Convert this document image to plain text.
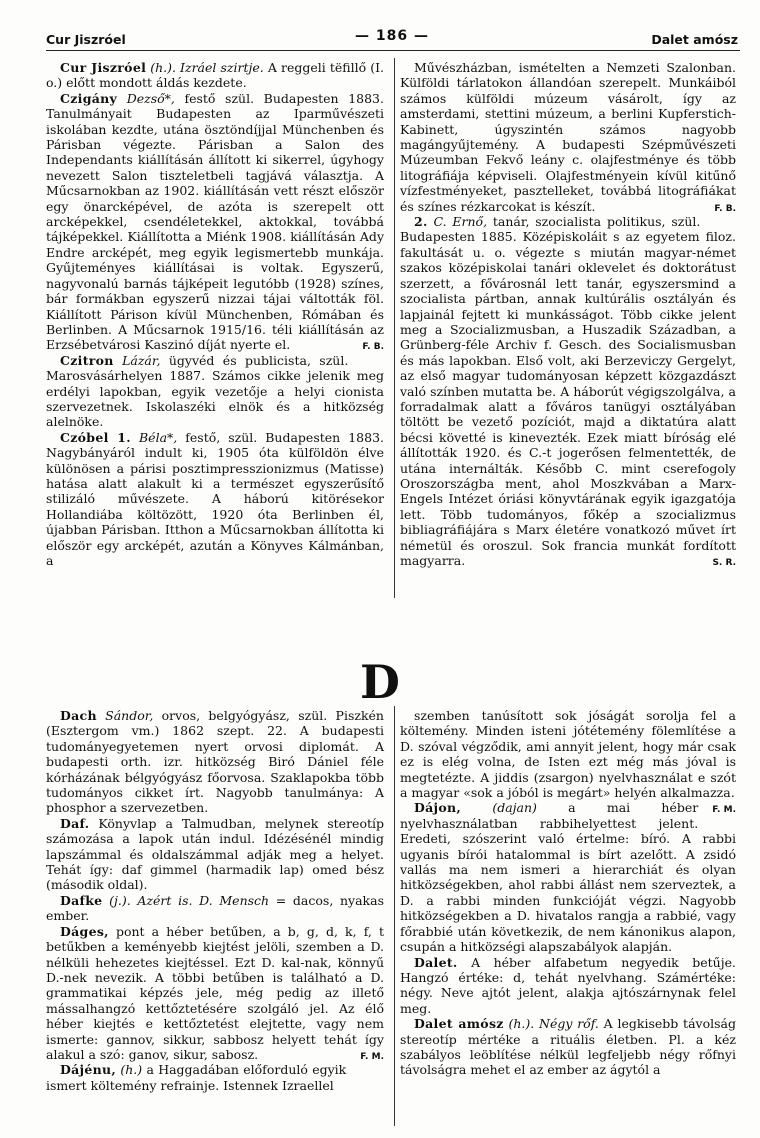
Cur Jiszróel	— 186 —	Dalet amósz

Cur Jiszróel (h.). Izráel szirtje. A reggeli tëfillő (I. o.) előtt mondott áldás kezdete.

Czigány Dezső*, festő szül. Budapesten 1883. Tanulmányait Budapesten az Iparművészeti iskolában kezdte, utána ösztöndíjjal Münchenben és Párisban végezte. Párisban a Salon des Independants kiállításán állított ki sikerrel, úgyhogy nevezett Salon tiszteletbeli tagjává választja. A Műcsarnokban az 1902. kiállításán vett részt először egy önarcképével, de azóta is szerepelt ott arcképekkel, csendéletekkel, aktokkal, továbbá tájképekkel. Kiállította a Miénk 1908. kiállításán Ady Endre arcképét, meg egyik legismertebb munkája. Gyűjteményes kiállításai is voltak. Egyszerű, nagyvonalú barnás tájképeit legutóbb (1928) színes, bár formákban egyszerű nizzai tájai váltották föl. Kiállított Párison kívül Münchenben, Rómában és Berlinben. A Műcsarnok 1915/16. téli kiállításán az Erzsébetvárosi Kaszinó díját nyerte el.	F. B.

Czitron Lázár, ügyvéd és publicista, szül. Marosvásárhelyen 1887. Számos cikke jelenik meg erdélyi lapokban, egyik vezetője a helyi cionista szervezetnek. Iskolaszéki elnök és a hitközség alelnöke.

Czóbel 1. Béla*, festő, szül. Budapesten 1883. Nagybányáról indult ki, 1905 óta külföldön élve különösen a párisi posztimpresszionizmus (Matisse) hatása alatt alakult ki a természet egyszerűsítő stilizáló művészete. A háború kitörésekor Hollandiába költözött, 1920 óta Berlinben él, újabban Párisban. Itthon a Műcsarnokban állította ki először egy arcképét, azután a Könyves Kálmánban, a

Művészházban, ismételten a Nemzeti Szalonban. Külföldi tárlatokon állandóan szerepelt. Munkáiból számos külföldi múzeum vásárolt, így az amsterdami, stettini múzeum, a berlini Kupferstich-Kabinett, úgyszintén számos nagyobb magángyűjtemény. A budapesti Szépművészeti Múzeumban Fekvő leány c. olajfestménye és több litográfiája képviseli. Olajfestményein kívül kitűnő vízfestményeket, pasztelleket, továbbá litográfiákat és színes rézkarcokat is készít.	F. B.

2. C. Ernő, tanár, szocialista politikus, szül. Budapesten 1885. Középiskoláit s az egyetem filoz. fakultását u. o. végezte s miután magyar-német szakos középiskolai tanári oklevelet és doktorátust szerzett, a fővárosnál lett tanár, egyszersmind a szocialista pártban, annak kultúrális osztályán és lapjainál fejtett ki munkásságot. Több cikke jelent meg a Szocializmusban, a Huszadik Században, a Grünberg-féle Archiv f. Gesch. des Socialismusban és más lapokban. Első volt, aki Berzeviczy Gergelyt, az első magyar tudományosan képzett közgazdászt való színben mutatta be. A háborút végigszolgálva, a forradalmak alatt a főváros tanügyi osztályában töltött be vezető pozíciót, majd a diktatúra alatt bécsi követté is kinevezték. Ezek miatt bíróság elé állították 1920. és C.-t jogerősen felmentették, de utána internálták. Később C. mint cserefogoly Oroszországba ment, ahol Moszkvában a Marx-Engels Intézet óriási könyvtárának egyik igazgatója lett. Több tudományos, főkép a szocializmus bibliagráfiájára s Marx életére vonatkozó művet írt németül és oroszul. Sok francia munkát fordított magyarra.	S. R.

D

Dach Sándor, orvos, belgyógyász, szül. Piszkén (Esztergom vm.) 1862 szept. 22. A budapesti tudományegyetemen nyert orvosi diplomát. A budapesti orth. izr. hitközség Biró Dániel féle kórházának bélgyógyász főorvosa. Szaklapokba több tudományos cikket írt. Nagyobb tanulmánya: A phosphor a szervezetben.

Daf. Könyvlap a Talmudban, melynek stereotíp számozása a lapok után indul. Idézésénél mindig lapszámmal és oldalszámmal adják meg a helyet. Tehát így: daf gimmel (harmadik lap) omed bész (második oldal).

Dafke (j.). Azért is. D. Mensch = dacos, nyakas ember.

Dáges, pont a héber betűben, a b, g, d, k, f, t betűkben a keményebb kiejtést jelöli, szemben a D. nélküli hehezetes kiejtéssel. Ezt D. kal-nak, könnyű D.-nek nevezik. A többi betűben is található a D. grammatikai képzés jele, még pedig az illető mássalhangzó kettőztetésére szolgáló jel. Az élő héber kiejtés e kettőztetést elejtette, vagy nem ismerte: gannov, sikkur, sabbosz helyett tehát így alakul a szó: ganov, sikur, sabosz.	F. M.

Dájénu, (h.) a Haggadában előforduló egyik ismert költemény refrainje. Istennek Izraellel

szemben tanúsított sok jóságát sorolja fel a költemény. Minden isteni jótétemény fölemlítése a D. szóval végződik, ami annyit jelent, hogy már csak ez is elég volna, de Isten ezt még más jóval is megtetézte. A jiddis (zsargon) nyelvhasználat e szót a magyar «sok a jóból is megárt» helyén alkalmazza.
F. M.

Dájon,	(dajan) a mai héber nyelvhasználatban rabbihelyettest jelent. Eredeti, szószerint való értelme: bíró. A rabbi ugyanis bírói hatalommal is bírt azelőtt. A zsidó vallás ma nem ismeri a hierarchiát és olyan hitközségekben, ahol rabbi állást nem szerveztek, a D. a rabbi minden funkcióját végzi. Nagyobb hitközségekben a D. hivatalos rangja a rabbié, vagy főrabbié után következik, de nem kánonikus alapon, csupán a hitközségi alapszabályok alapján.

Dalet. A héber alfabetum negyedik betűje. Hangzó értéke: d, tehát nyelvhang. Számértéke: négy. Neve ajtót jelent, alakja ajtószárnynak felel meg.

Dalet amósz (h.). Négy rőf. A legkisebb távolság stereotíp mértéke a rituális életben. Pl. a kéz szabályos leöblítése nélkül legfeljebb négy rőfnyi távolságra mehet el az ember az ágytól a
